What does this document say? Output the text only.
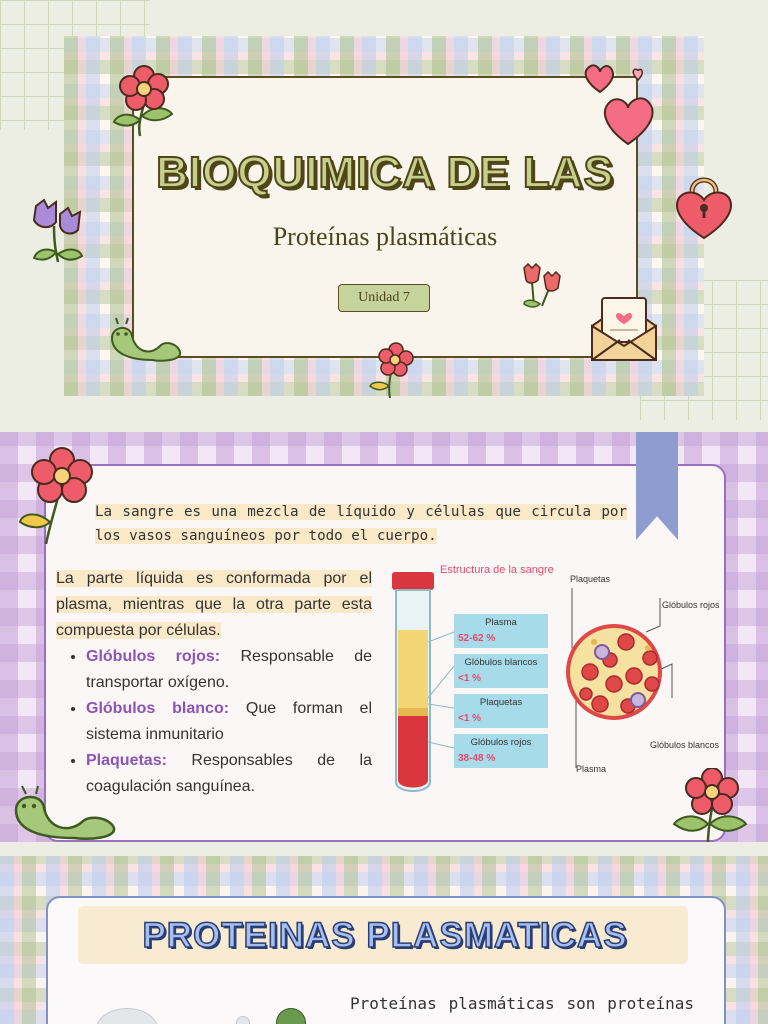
BIOQUIMICA DE LAS
Proteínas plasmáticas
Unidad 7
La sangre es una mezcla de líquido y células que circula por los vasos sanguíneos por todo el cuerpo.
La parte líquida es conformada por el plasma, mientras que la otra parte esta compuesta por células.
• Glóbulos rojos: Responsable de transportar oxígeno.
• Glóbulos blanco: Que forman el sistema inmunitario
• Plaquetas: Responsables de la coagulación sanguínea.
Estructura de la sangre
Plasma
52-62 %
Glóbulos blancos
<1 %
Plaquetas
<1 %
Glóbulos rojos
38-48 %
Plaquetas
Glóbulos rojos
Glóbulos blancos
Plasma
PROTEINAS PLASMATICAS
Proteínas plasmáticas son proteínas
